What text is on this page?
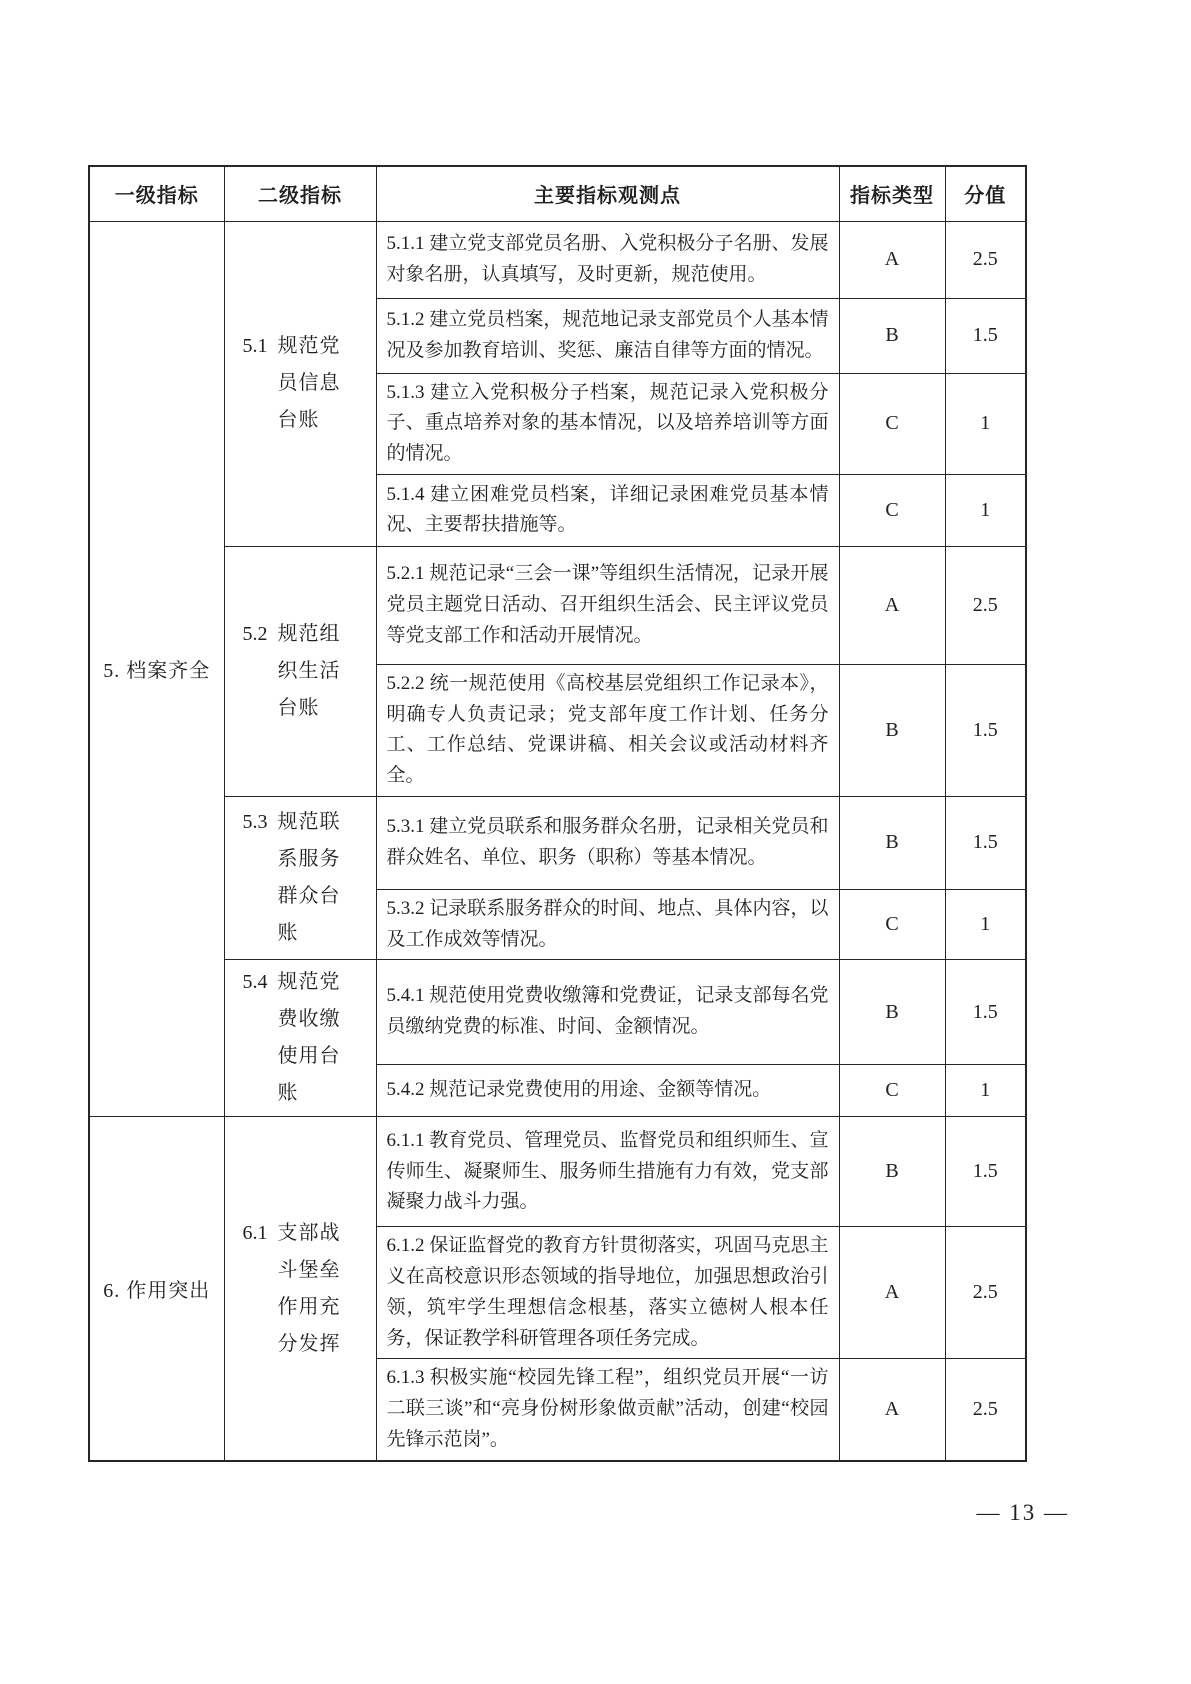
一级指标	二级指标	主要指标观测点	指标类型	分值
5. 档案齐全	5.1 规范党员信息台账	5.1.1 建立党支部党员名册、入党积极分子名册、发展对象名册，认真填写，及时更新，规范使用。	A	2.5
		5.1.2 建立党员档案，规范地记录支部党员个人基本情况及参加教育培训、奖惩、廉洁自律等方面的情况。	B	1.5
		5.1.3 建立入党积极分子档案，规范记录入党积极分子、重点培养对象的基本情况，以及培养培训等方面的情况。	C	1
		5.1.4 建立困难党员档案，详细记录困难党员基本情况、主要帮扶措施等。	C	1

	5.2 规范组织生活台账	5.2.1 规范记录“三会一课”等组织生活情况，记录开展党员主题党日活动、召开组织生活会、民主评议党员等党支部工作和活动开展情况。	A	2.5
		5.2.2 统一规范使用《高校基层党组织工作记录本》，明确专人负责记录；党支部年度工作计划、任务分工、工作总结、党课讲稿、相关会议或活动材料齐全。	B	1.5

	5.3 规范联系服务群众台账	5.3.1 建立党员联系和服务群众名册，记录相关党员和群众姓名、单位、职务（职称）等基本情况。	B	1.5
		5.3.2 记录联系服务群众的时间、地点、具体内容，以及工作成效等情况。	C	1

	5.4 规范党费收缴使用台账	5.4.1 规范使用党费收缴簿和党费证，记录支部每名党员缴纳党费的标准、时间、金额情况。	B	1.5
		5.4.2 规范记录党费使用的用途、金额等情况。	C	1
6. 作用突出	6.1 支部战斗堡垒作用充分发挥	6.1.1 教育党员、管理党员、监督党员和组织师生、宣传师生、凝聚师生、服务师生措施有力有效，党支部凝聚力战斗力强。	B	1.5
		6.1.2 保证监督党的教育方针贯彻落实，巩固马克思主义在高校意识形态领域的指导地位，加强思想政治引领，筑牢学生理想信念根基，落实立德树人根本任务，保证教学科研管理各项任务完成。	A	2.5
		6.1.3 积极实施“校园先锋工程”，组织党员开展“一访二联三谈”和“亮身份树形象做贡献”活动，创建“校园先锋示范岗”。	A	2.5
— 13 —
